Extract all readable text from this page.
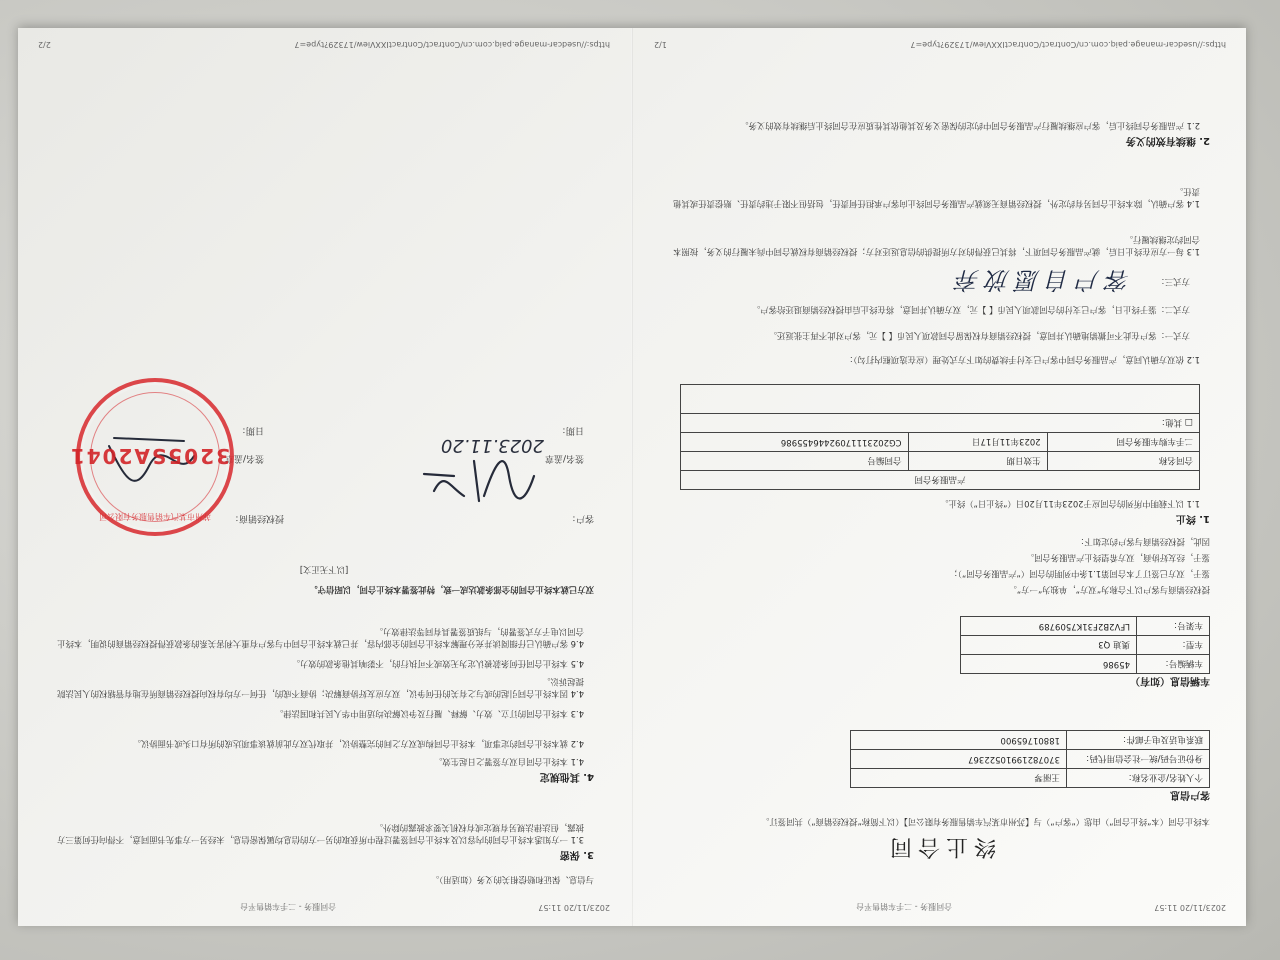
2023/11/20 11:57
合同服务 - 二手车销售平台
终止合同
本终止合同（本“终止合同”）由您（“客户”）与【苏州市某汽车销售服务有限公司】（以下简称“授权经销商”）共同签订。
客户信息
个人姓名/企业名称：	王丽琴
身份证号码/统一社会信用代码：	37078219910522367
联系电话及电子邮件：	18801765900
车辆信息（如有）
车辆编号：	45986
车型：	奥迪 Q3
车架号：	LFV2B2F31K7509789
授权经销商与客户以下合称为“双方”，单独为“一方”。
鉴于，双方已签订了本合同第1.1条中列明的合同（“产品服务合同”）；
鉴于，经友好协商，双方希望终止产品服务合同。
因此，授权经销商与客户约定如下：
1. 终止
1.1 以下载明中所列的合同应于2023年11月20日（“终止日”）终止。
产品服务合同		
合同名称	生效日期	合同编号
二手车购车服务合同	2023年11月17日	CG20231117092446455986
□ 其他：		

1.2 依双方确认同意，产品服务合同中客户已支付手续费的如下方式处理（应在选项框内打勾）：
方式一：客户在此不可撤销地确认并同意，授权经销商有权保留合同款项人民币【 】元，客户对此不再主张返还。
方式二：鉴于终止日，客户已支付的合同款项人民币【 】元，双方确认并同意，将在终止后由授权经销商退还给客户。
方式三：
客户自愿放弃
1.3 每一方应在终止日后，就产品服务合同项下，将其已获得的对方所提供的信息返还对方；授权经销商有权就合同中尚未履行的义务，按照本合同约定继续履行。
1.4 客户确认，除本终止合同另有约定外，授权经销商无须就产品服务合同终止向客户承担任何责任，包括但不限于违约责任、赔偿责任或其他责任。
2. 继续有效的义务
2.1 产品服务合同终止后，客户应继续履行产品服务合同中约定的保密义务及其他依其性质应在合同终止后继续有效的义务。
https://usedcar-manage.paiq.com.cn/Contract/ContractIXXView/17329?type=7
1/2
2023/11/20 11:57
合同服务 - 二手车销售平台
与信息、保证和赔偿相关的义务（如适用）。
3. 保密
3.1 一方知悉本终止合同的内容以及本终止合同签署过程中所获取的另一方的信息均属保密信息，未经另一方事先书面同意，不得向任何第三方披露，但法律法规另有规定或有权机关要求披露的除外。
4. 其他规定
4.1 本终止合同自双方签署之日起生效。
4.2 就本终止合同约定事项，本终止合同构成双方之间的完整协议，并取代双方此前就该事项达成的所有口头或书面协议。
4.3 本终止合同的订立、效力、解释、履行及争议解决均适用中华人民共和国法律。
4.4 因本终止合同引起的或与之有关的任何争议，双方应友好协商解决；协商不成的，任何一方均有权向授权经销商所在地有管辖权的人民法院提起诉讼。
4.5 本终止合同任何条款被认定为无效或不可执行的，不影响其他条款的效力。
4.6 客户确认已仔细阅读并充分理解本终止合同的全部内容，并已就本终止合同中与客户有重大利害关系的条款获得授权经销商的说明，本终止合同以电子方式签署的，与纸质签署具有同等法律效力。
双方已就本终止合同的全部条款达成一致，特此签署本终止合同，以昭信守。
[以下无正文]
客户：
签名/盖章
日期：
2023.11.20
授权经销商：
签名/盖章
日期：
苏州市某汽车销售服务有限公司
3205SA2041
https://usedcar-manage.paiq.com.cn/Contract/ContractIXXView/17329?type=7
2/2
